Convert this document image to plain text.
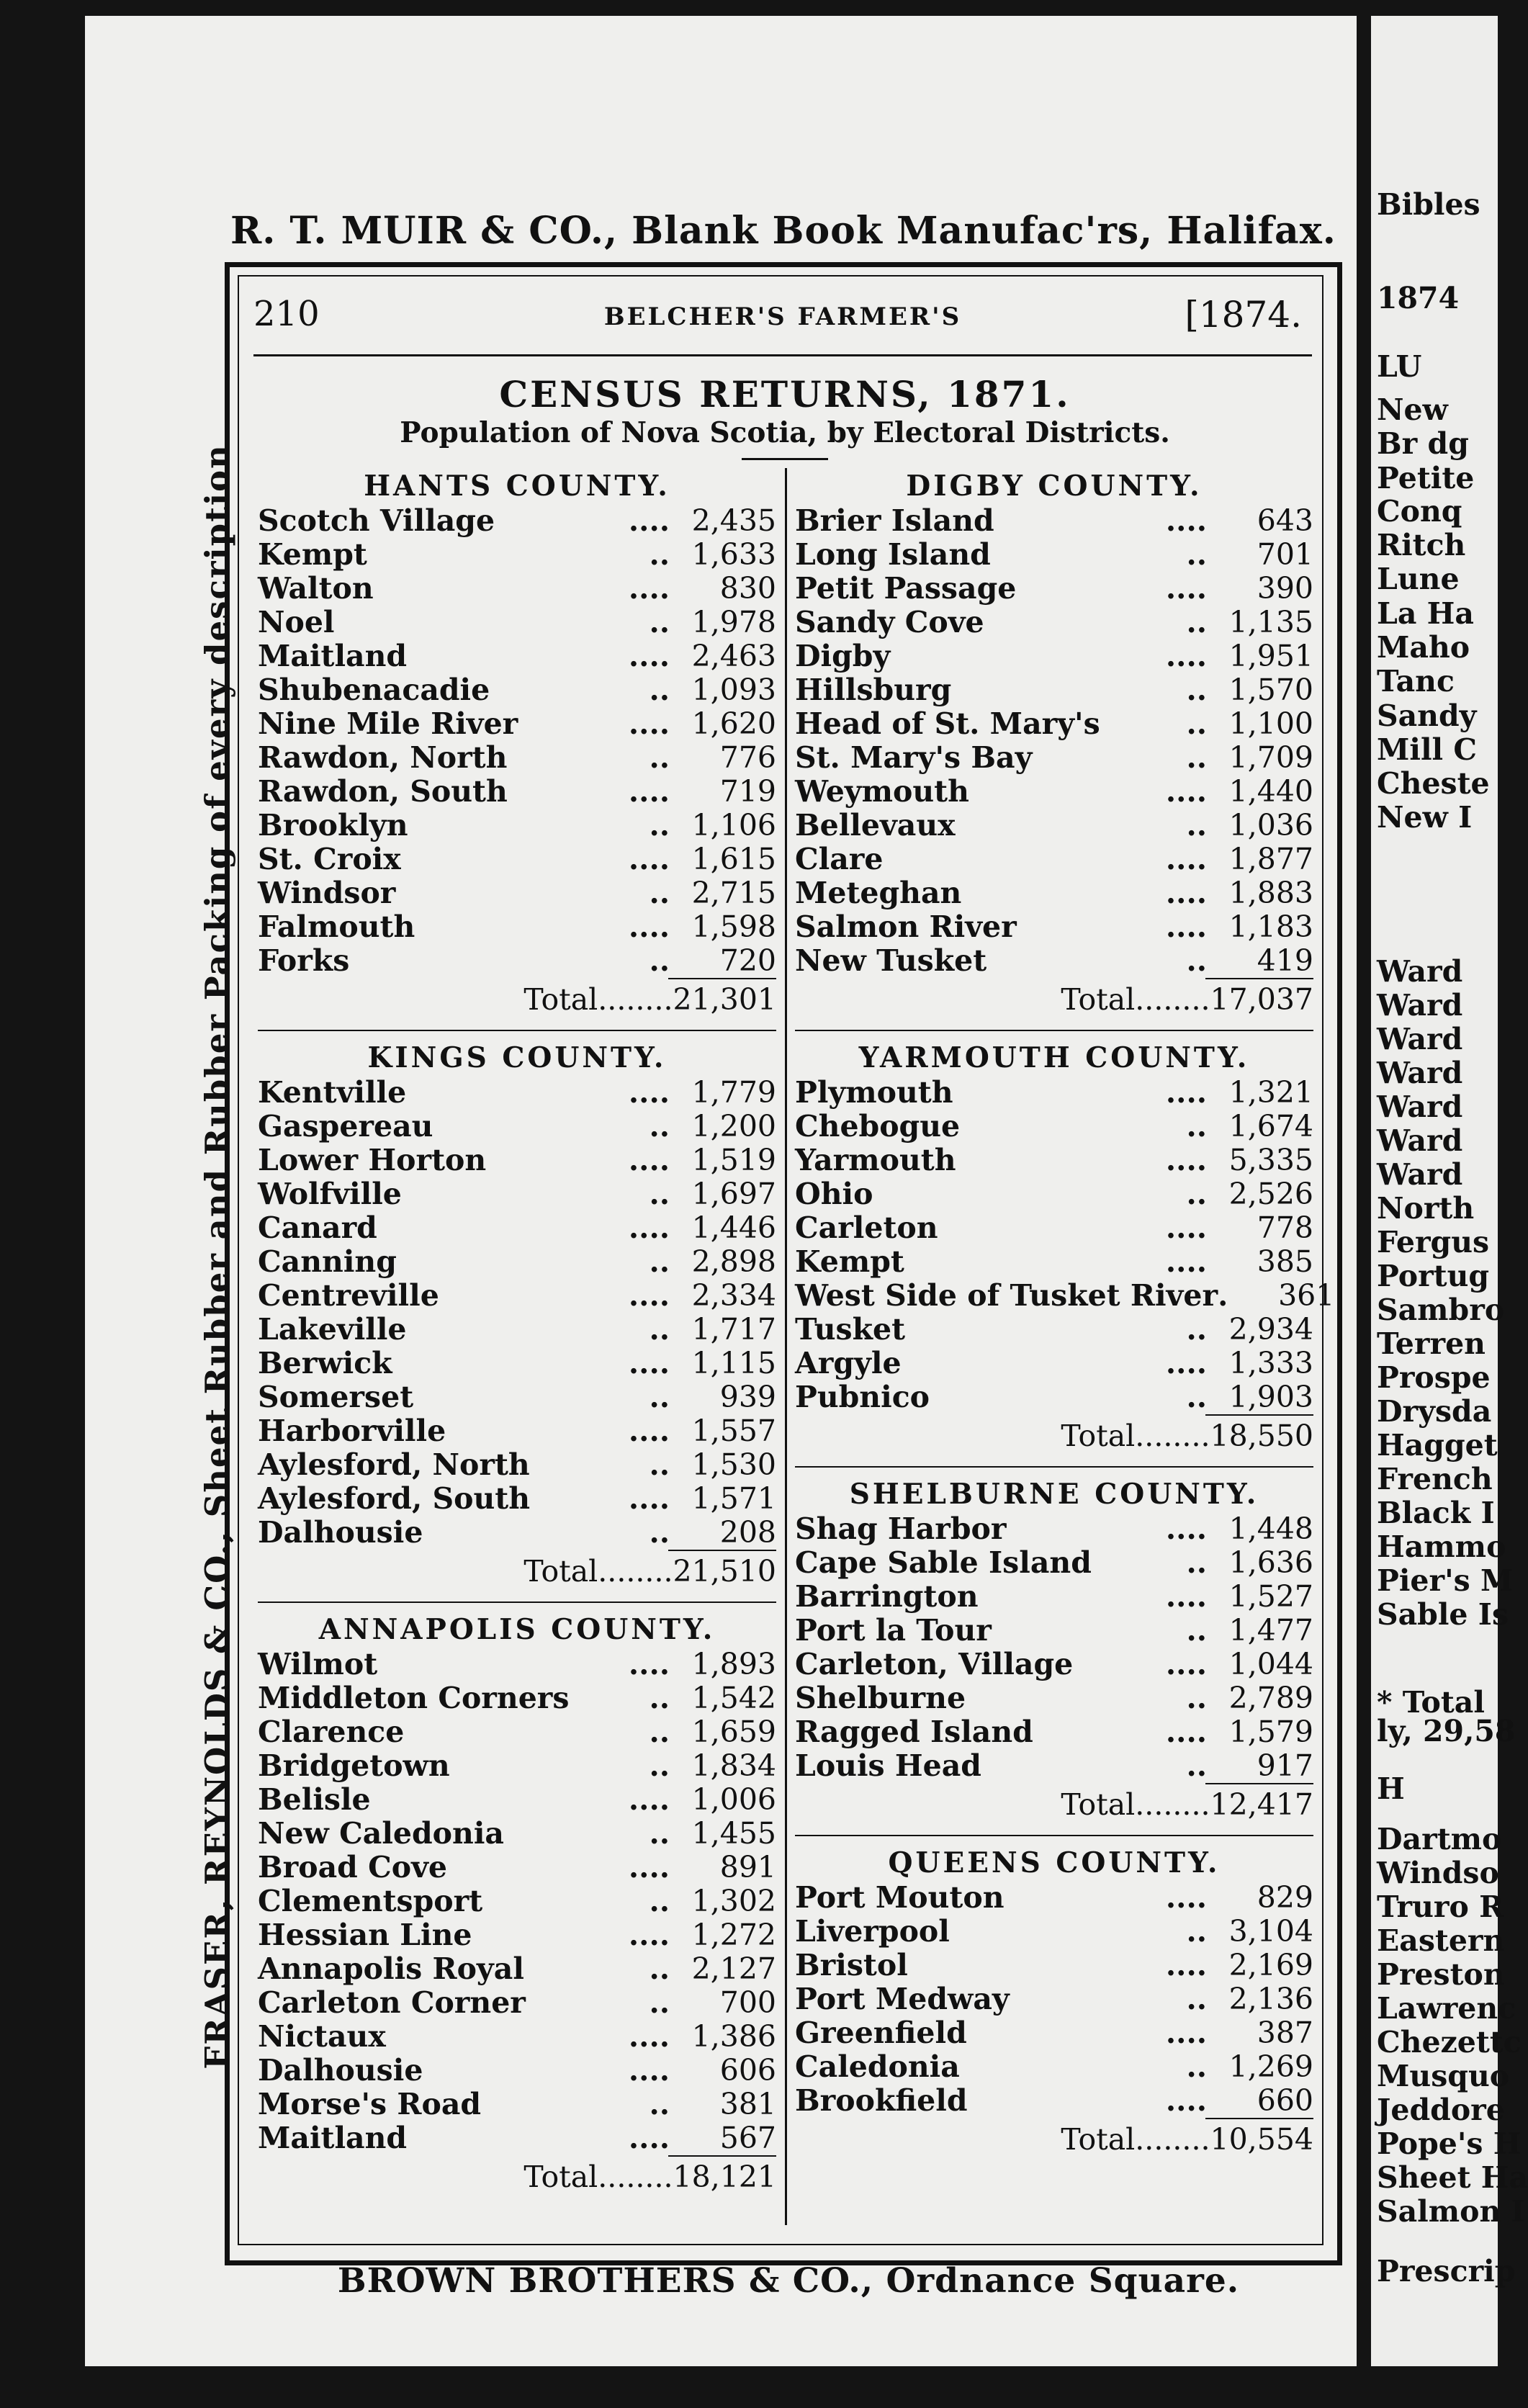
Bibles
1874
LU
New
Br dg
Petite
Conq
Ritch
Lune
La Ha
Maho
Tanc
Sandy
Mill C
Cheste
New I
Ward
Ward
Ward
Ward
Ward
Ward
Ward
North
Fergus
Portug
Sambro
Terren
Prospe
Drysda
Hagget
French
Black I
Hammo
Pier's M
Sable Is
* Total
ly, 29,58
H
Dartmo
Windso
Truro R
Eastern
Preston
Lawrenc
Chezettc
Musquo
Jeddore
Pope's H
Sheet Ha
Salmon I
Prescrip
R. T. MUIR & CO., Blank Book Manufac'rs, Halifax.
FRASER, REYNOLDS & CO., Sheet Rubber and Rubber Packing of every description
210	BELCHER'S FARMER'S	[1874.
CENSUS RETURNS, 1871.
Population of Nova Scotia, by Electoral Districts.
HANTS COUNTY.
Scotch Village	.... 2,435
Kempt	.. 1,633
Walton	....	830
Noel	.. 1,978
Maitland	.... 2,463
Shubenacadie	.. 1,093
Nine Mile River	.... 1,620
Rawdon, North	..	776
Rawdon, South	....	719
Brooklyn	.. 1,106
St. Croix	.... 1,615
Windsor	.. 2,715
Falmouth	.... 1,598
Forks	..	720
Total........21,301
KINGS COUNTY.
Kentville	.... 1,779
Gaspereau	.. 1,200
Lower Horton	.... 1,519
Wolfville	.. 1,697
Canard	.... 1,446
Canning	.. 2,898
Centreville	.... 2,334
Lakeville	.. 1,717
Berwick	.... 1,115
Somerset	..	939
Harborville	.... 1,557
Aylesford, North	.. 1,530
Aylesford, South	.... 1,571
Dalhousie	..	208
Total........21,510
ANNAPOLIS COUNTY.
Wilmot	.... 1,893
Middleton Corners	.. 1,542
Clarence	.. 1,659
Bridgetown	.. 1,834
Belisle	.... 1,006
New Caledonia	.. 1,455
Broad Cove	....	891
Clementsport	.. 1,302
Hessian Line	.... 1,272
Annapolis Royal	.. 2,127
Carleton Corner	..	700
Nictaux	.... 1,386
Dalhousie	....	606
Morse's Road	..	381
Maitland	....	567
Total........18,121
DIGBY COUNTY.
Brier Island	....	643
Long Island	..	701
Petit Passage	....	390
Sandy Cove	.. 1,135
Digby	.... 1,951
Hillsburg	.. 1,570
Head of St. Mary's	.. 1,100
St. Mary's Bay	.. 1,709
Weymouth	.... 1,440
Bellevaux	.. 1,036
Clare	.... 1,877
Meteghan	.... 1,883
Salmon River	.... 1,183
New Tusket	..	419
Total........17,037
YARMOUTH COUNTY.
Plymouth	.... 1,321
Chebogue	.. 1,674
Yarmouth	.... 5,335
Ohio	.. 2,526
Carleton	....	778
Kempt	....	385
West Side of Tusket River .	361
Tusket	.. 2,934
Argyle	.... 1,333
Pubnico	.. 1,903
Total........18,550
SHELBURNE COUNTY.
Shag Harbor	.... 1,448
Cape Sable Island	.. 1,636
Barrington	.... 1,527
Port la Tour	.. 1,477
Carleton, Village	.... 1,044
Shelburne	.. 2,789
Ragged Island	.... 1,579
Louis Head	..	917
Total........12,417
QUEENS COUNTY.
Port Mouton	....	829
Liverpool	.. 3,104
Bristol	.... 2,169
Port Medway	.. 2,136
Greenfield	....	387
Caledonia	.. 1,269
Brookfield	....	660
Total........10,554
BROWN BROTHERS & CO., Ordnance Square.
